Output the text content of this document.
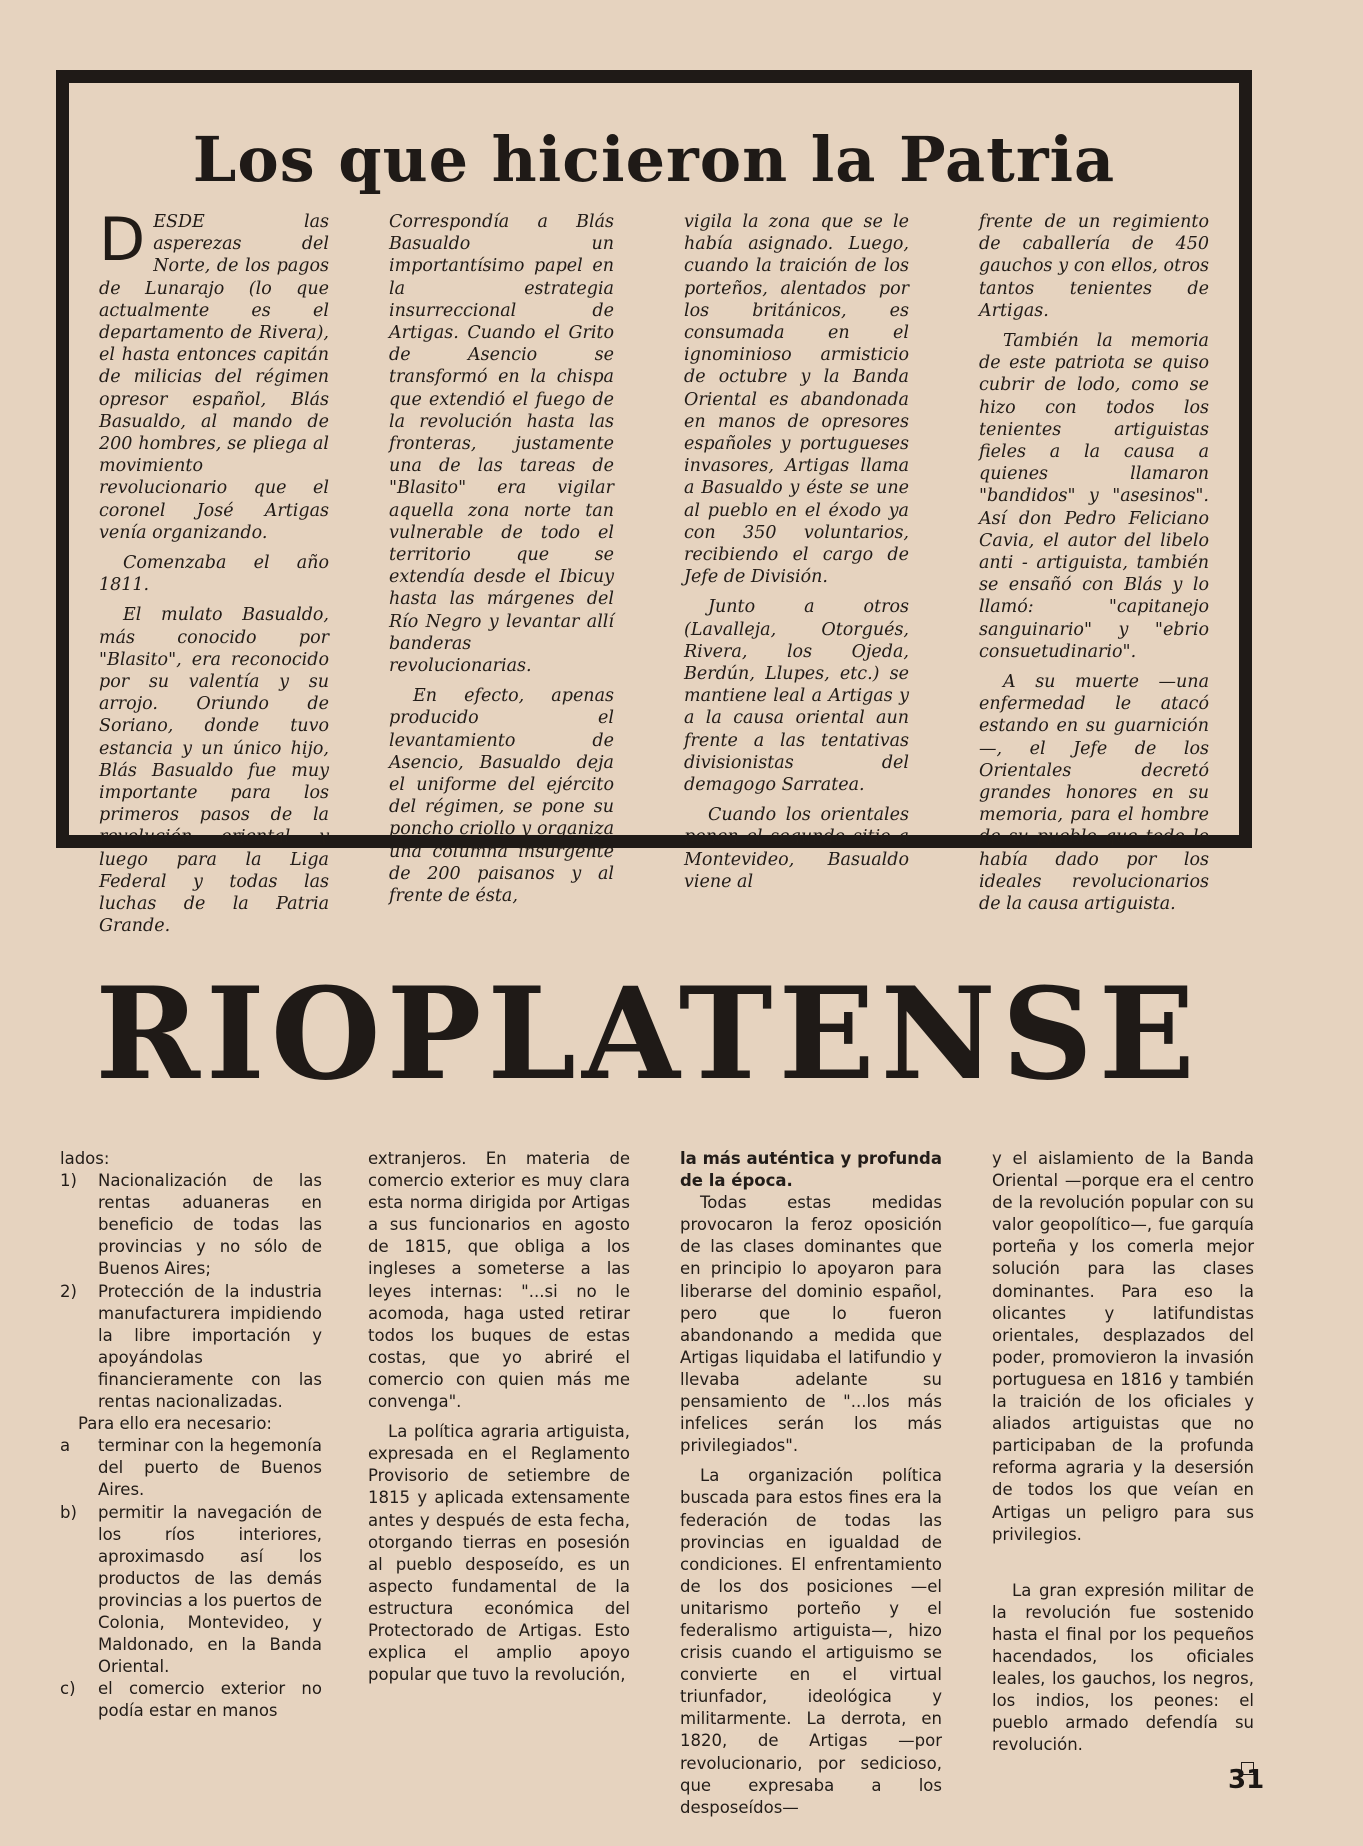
Los que hicieron la Patria

DESDE las asperezas del Norte, de los pagos de Lunarajo (lo que actualmente es el departamento de Rivera), el hasta entonces capitán de milicias del régimen opresor español, Blás Basualdo, al mando de 200 hombres, se pliega al movimiento revolucionario que el coronel José Artigas venía organizando.

Comenzaba el año 1811.

El mulato Basualdo, más conocido por "Blasito", era reconocido por su valentía y su arrojo. Oriundo de Soriano, donde tuvo estancia y un único hijo, Blás Basualdo fue muy importante para los primeros pasos de la revolución oriental y luego para la Liga Federal y todas las luchas de la Patria Grande.

Correspondía a Blás Basualdo un importantísimo papel en la estrategia insurreccional de Artigas. Cuando el Grito de Asencio se transformó en la chispa que extendió el fuego de la revolución hasta las fronteras, justamente una de las tareas de "Blasito" era vigilar aquella zona norte tan vulnerable de todo el territorio que se extendía desde el Ibicuy hasta las márgenes del Río Negro y levantar allí banderas revolucionarias.

En efecto, apenas producido el levantamiento de Asencio, Basualdo deja el uniforme del ejército del régimen, se pone su poncho criollo y organiza una columna insurgente de 200 paisanos y al frente de ésta,

vigila la zona que se le había asignado. Luego, cuando la traición de los porteños, alentados por los británicos, es consumada en el ignominioso armisticio de octubre y la Banda Oriental es abandonada en manos de opresores españoles y portugueses invasores, Artigas llama a Basualdo y éste se une al pueblo en el éxodo ya con 350 voluntarios, recibiendo el cargo de Jefe de División.

Junto a otros (Lavalleja, Otorgués, Rivera, los Ojeda, Berdún, Llupes, etc.) se mantiene leal a Artigas y a la causa oriental aun frente a las tentativas divisionistas del demagogo Sarratea.

Cuando los orientales ponen el segundo sitio a Montevideo, Basualdo viene al

frente de un regimiento de caballería de 450 gauchos y con ellos, otros tantos tenientes de Artigas.

También la memoria de este patriota se quiso cubrir de lodo, como se hizo con todos los tenientes artiguistas fieles a la causa a quienes llamaron "bandidos" y "asesinos". Así don Pedro Feliciano Cavia, el autor del libelo anti - artiguista, también se ensañó con Blás y lo llamó: "capitanejo sanguinario" y "ebrio consuetudinario".

A su muerte —una enfermedad le atacó estando en su guarnición—, el Jefe de los Orientales decretó grandes honores en su memoria, para el hombre de su pueblo que todo lo había dado por los ideales revolucionarios de la causa artiguista.

RIOPLATENSE

lados:

1)	Nacionalización de las rentas aduaneras en beneficio de todas las provincias y no sólo de Buenos Aires;
2)	Protección de la industria manufacturera impidiendo la libre importación y apoyándolas financieramente con las rentas nacionalizadas.

Para ello era necesario:

a	terminar con la hegemonía del puerto de Buenos Aires.
b)	permitir la navegación de los ríos interiores, aproximasdo así los productos de las demás provincias a los puertos de Colonia, Montevideo, y Maldonado, en la Banda Oriental.
c)	el comercio exterior no podía estar en manos

extranjeros. En materia de comercio exterior es muy clara esta norma dirigida por Artigas a sus funcionarios en agosto de 1815, que obliga a los ingleses a someterse a las leyes internas: "...si no le acomoda, haga usted retirar todos los buques de estas costas, que yo abriré el comercio con quien más me convenga".

La política agraria artiguista, expresada en el Reglamento Provisorio de setiembre de 1815 y aplicada extensamente antes y después de esta fecha, otorgando tierras en posesión al pueblo desposeído, es un aspecto fundamental de la estructura económica del Protectorado de Artigas. Esto explica el amplio apoyo popular que tuvo la revolución,

la más auténtica y profunda de la época.

Todas estas medidas provocaron la feroz oposición de las clases dominantes que en principio lo apoyaron para liberarse del dominio español, pero que lo fueron abandonando a medida que Artigas liquidaba el latifundio y llevaba adelante su pensamiento de "...los más infelices serán los más privilegiados".

La organización política buscada para estos fines era la federación de todas las provincias en igualdad de condiciones. El enfrentamiento de los dos posiciones —el unitarismo porteño y el federalismo artiguista—, hizo crisis cuando el artiguismo se convierte en el virtual triunfador, ideológica y militarmente. La derrota, en 1820, de Artigas —por revolucionario, por sedicioso, que expresaba a los desposeídos—

y el aislamiento de la Banda Oriental —porque era el centro de la revolución popular con su valor geopolítico—, fue garquía porteña y los comerla mejor solución para las clases dominantes. Para eso la olicantes y latifundistas orientales, desplazados del poder, promovieron la invasión portuguesa en 1816 y también la traición de los oficiales y aliados artiguistas que no participaban de la profunda reforma agraria y la desersión de todos los que veían en Artigas un peligro para sus privilegios.

La gran expresión militar de la revolución fue sostenido hasta el final por los pequeños hacendados, los oficiales leales, los gauchos, los negros, los indios, los peones: el pueblo armado defendía su revolución.

31
